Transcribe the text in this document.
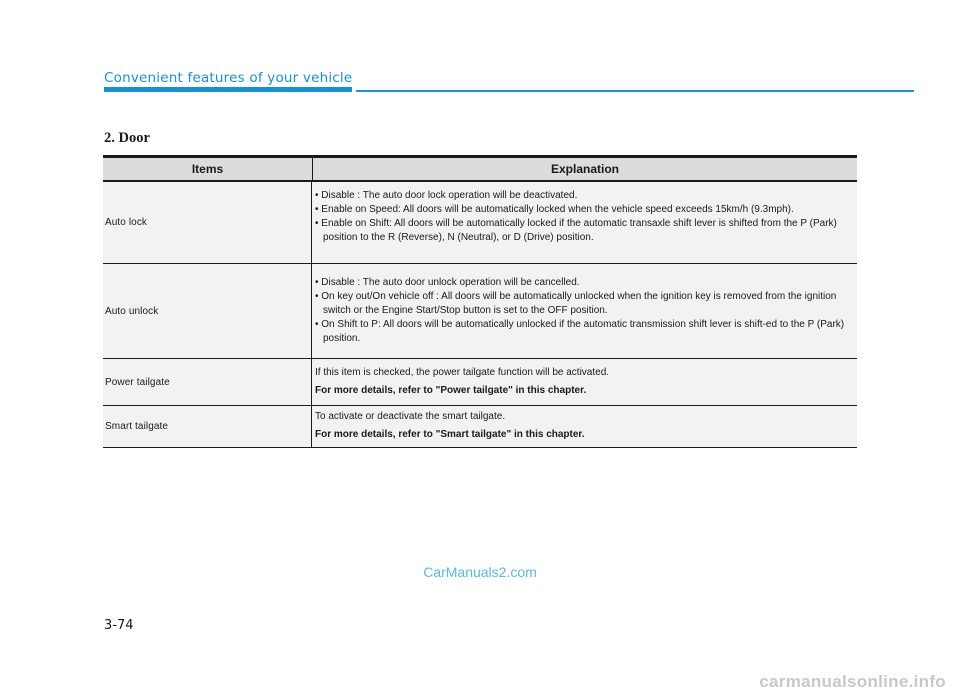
Convenient features of your vehicle
2. Door
Items	Explanation
Auto lock
• Disable : The auto door lock operation will be deactivated.
• Enable on Speed: All doors will be automatically locked when the vehicle speed exceeds 15km/h (9.3mph).
• Enable on Shift: All doors will be automatically locked if the automatic transaxle shift lever is shifted from the P (Park) position to the R (Reverse), N (Neutral), or D (Drive) position.
Auto unlock
• Disable : The auto door unlock operation will be cancelled.
• On key out/On vehicle off : All doors will be automatically unlocked when the ignition key is removed from the ignition switch or the Engine Start/Stop button is set to the OFF position.
• On Shift to P: All doors will be automatically unlocked if the automatic transmission shift lever is shift-ed to the P (Park) position.
Power tailgate
If this item is checked, the power tailgate function will be activated.
For more details, refer to "Power tailgate" in this chapter.
Smart tailgate
To activate or deactivate the smart tailgate.
For more details, refer to "Smart tailgate" in this chapter.
CarManuals2.com
3-74
carmanualsonline.info
